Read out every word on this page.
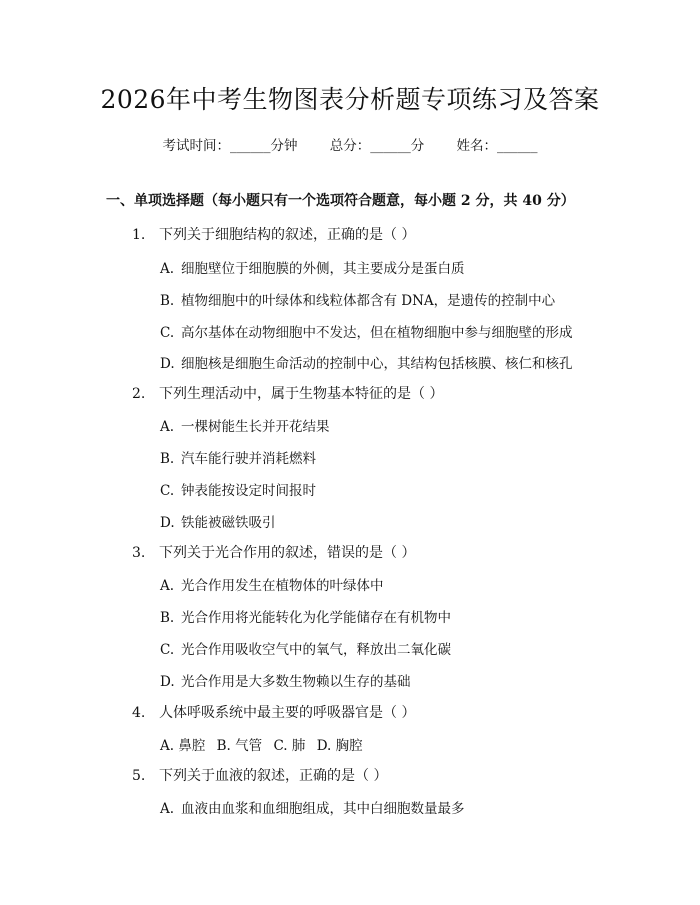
2026年中考生物图表分析题专项练习及答案
考试时间：______分钟 总分：______分 姓名：______
一、单项选择题（每小题只有一个选项符合题意，每小题 2 分，共 40 分）
1. 下列关于细胞结构的叙述，正确的是（ ）
A. 细胞壁位于细胞膜的外侧，其主要成分是蛋白质
B. 植物细胞中的叶绿体和线粒体都含有 DNA，是遗传的控制中心
C. 高尔基体在动物细胞中不发达，但在植物细胞中参与细胞壁的形成
D. 细胞核是细胞生命活动的控制中心，其结构包括核膜、核仁和核孔
2. 下列生理活动中，属于生物基本特征的是（ ）
A. 一棵树能生长并开花结果
B. 汽车能行驶并消耗燃料
C. 钟表能按设定时间报时
D. 铁能被磁铁吸引
3. 下列关于光合作用的叙述，错误的是（ ）
A. 光合作用发生在植物体的叶绿体中
B. 光合作用将光能转化为化学能储存在有机物中
C. 光合作用吸收空气中的氧气，释放出二氧化碳
D. 光合作用是大多数生物赖以生存的基础
4. 人体呼吸系统中最主要的呼吸器官是（ ）
A. 鼻腔 B. 气管 C. 肺 D. 胸腔
5. 下列关于血液的叙述，正确的是（ ）
A. 血液由血浆和血细胞组成，其中白细胞数量最多
